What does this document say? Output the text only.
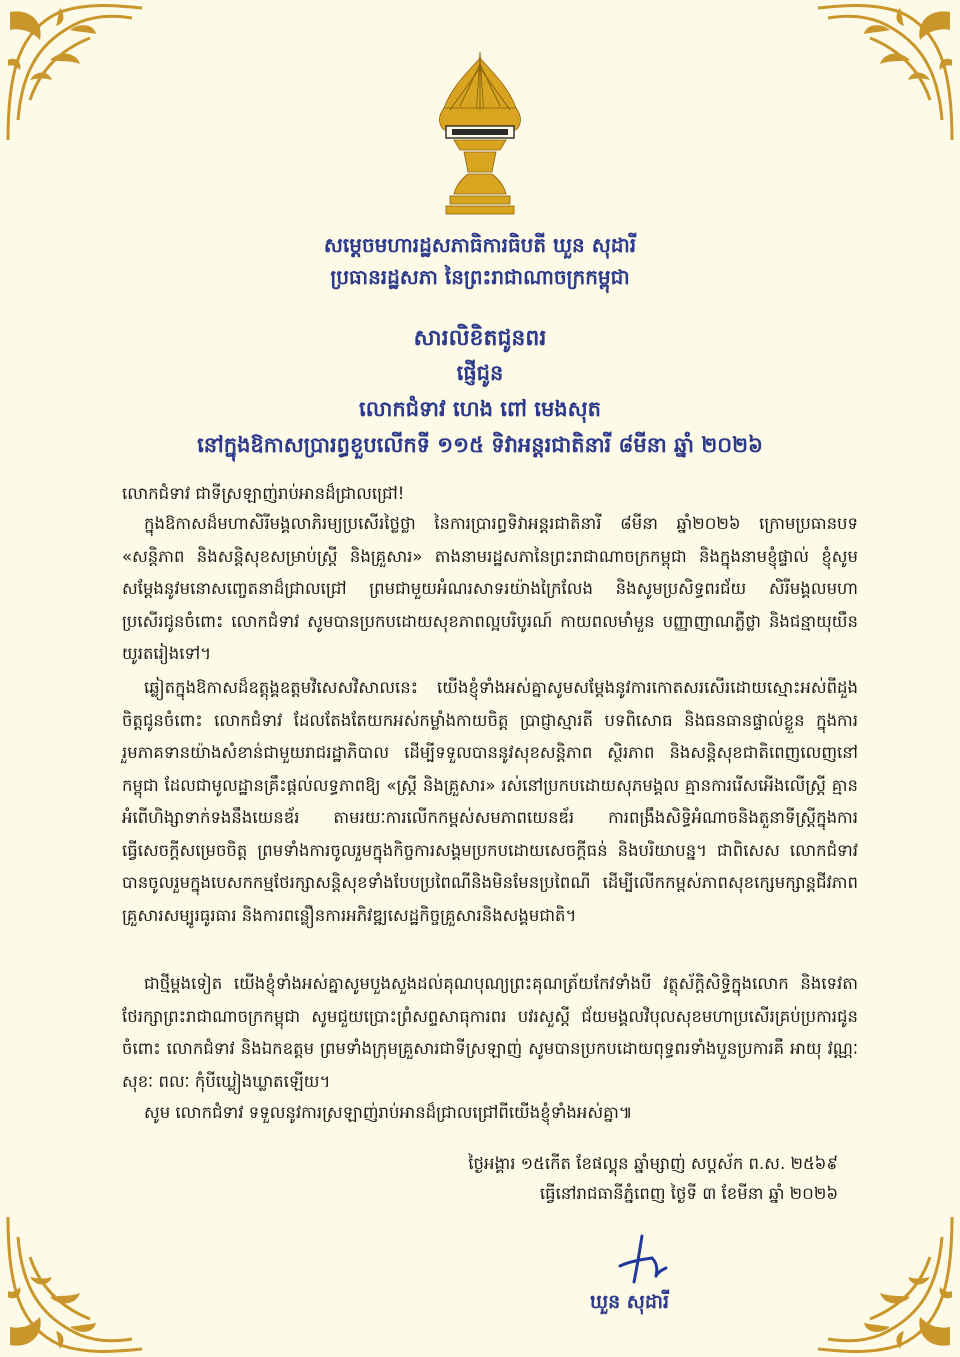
សម្តេចមហារដ្ឋសភាធិការធិបតី ឃួន សុដារី
ប្រធានរដ្ឋសភា នៃព្រះរាជាណាចក្រកម្ពុជា
សារលិខិតជូនពរ
ផ្ញើជូន
លោកជំទាវ ហេង ពៅ មេងសុត
នៅក្នុងឱកាសប្រារព្ធខួបលើកទី ១១៥ ទិវាអន្តរជាតិនារី ៨មីនា ឆ្នាំ ២០២៦
លោកជំទាវ ជាទីស្រឡាញ់រាប់អានដ៏ជ្រាលជ្រៅ!

ក្នុងឱកាសដ៏មហាសិរីមង្គលាភិរម្យប្រសើរថ្លៃថ្លា នៃការប្រារព្ធទិវាអន្តរជាតិនារី ៨មីនា ឆ្នាំ២០២៦ ក្រោមប្រធានបទ «សន្តិភាព និងសន្តិសុខសម្រាប់ស្ត្រី និងគ្រួសារ» តាងនាមរដ្ឋសភានៃព្រះរាជាណាចក្រកម្ពុជា និងក្នុងនាមខ្ញុំផ្ទាល់ ខ្ញុំសូមសម្តែងនូវមនោសញ្ចេតនាដ៏ជ្រាលជ្រៅ ព្រមជាមួយអំណរសាទរយ៉ាងក្រៃលែង និងសូមប្រសិទ្ធពរជ័យ សិរីមង្គលមហាប្រសើរជូនចំពោះ លោកជំទាវ សូមបានប្រកបដោយសុខភាពល្អបរិបូរណ៍ កាយពលមាំមួន បញ្ញាញាណភ្លឺថ្លា និងជន្មាយុយឺនយូរតរៀងទៅ។

ឆ្លៀតក្នុងឱកាសដ៏ឧត្តុង្គឧត្តមវិសេសវិសាលនេះ យើងខ្ញុំទាំងអស់គ្នាសូមសម្តែងនូវការកោតសរសើរដោយស្មោះអស់ពីដួងចិត្តជូនចំពោះ លោកជំទាវ ដែលតែងតែយកអស់កម្លាំងកាយចិត្ត ប្រាជ្ញាស្មារតី បទពិសោធ និងធនធានផ្ទាល់ខ្លួន ក្នុងការរួមភាគទានយ៉ាងសំខាន់ជាមួយរាជរដ្ឋាភិបាល ដើម្បីទទួលបាននូវសុខសន្តិភាព ស្ថិរភាព និងសន្តិសុខជាតិពេញលេញនៅកម្ពុជា ដែលជាមូលដ្ឋានគ្រឹះផ្តល់លទ្ធភាពឱ្យ «ស្ត្រី និងគ្រួសារ» រស់នៅប្រកបដោយសុភមង្គល គ្មានការរើសអើងលើស្ត្រី គ្មានអំពើហិង្សាទាក់ទងនឹងយេនឌ័រ តាមរយៈការលើកកម្ពស់សមភាពយេនឌ័រ ការពង្រឹងសិទ្ធិអំណាចនិងតួនាទីស្ត្រីក្នុងការធ្វើសេចក្តីសម្រេចចិត្ត ព្រមទាំងការចូលរួមក្នុងកិច្ចការសង្គមប្រកបដោយសេចក្តីធន់ និងបរិយាបន្ន។ ជាពិសេស លោកជំទាវ បានចូលរួមក្នុងបេសកកម្មថែរក្សាសន្តិសុខទាំងបែបប្រពៃណីនិងមិនមែនប្រពៃណី ដើម្បីលើកកម្ពស់ភាពសុខក្សេមក្សាន្តជីវភាពគ្រួសារសម្បូរធូរធារ និងការពន្លឿនការអភិវឌ្ឍសេដ្ឋកិច្ចគ្រួសារនិងសង្គមជាតិ។

ជាថ្មីម្តងទៀត យើងខ្ញុំទាំងអស់គ្នាសូមបួងសួងដល់គុណបុណ្យព្រះគុណត្រ័យកែវទាំងបី វត្ថុស័ក្តិសិទ្ធិក្នុងលោក និងទេវតាថែរក្សាព្រះរាជាណាចក្រកម្ពុជា សូមជួយប្រោះព្រំសព្ទសាធុការពរ បវរសួស្តី ជ័យមង្គលវិបុលសុខមហាប្រសើរគ្រប់ប្រការជូនចំពោះ លោកជំទាវ និងឯកឧត្តម ព្រមទាំងក្រុមគ្រួសារជាទីស្រឡាញ់ សូមបានប្រកបដោយពុទ្ធពរទាំងបួនប្រការគឺ អាយុ វណ្ណៈ សុខៈ ពលៈ កុំបីឃ្លៀងឃ្លាតឡើយ។

សូម លោកជំទាវ ទទួលនូវការស្រឡាញ់រាប់អានដ៏ជ្រាលជ្រៅពីយើងខ្ញុំទាំងអស់គ្នា៕

ថ្ងៃអង្គារ ១៥កើត ខែផល្គុន ឆ្នាំម្សាញ់ សប្តស័ក ព.ស. ២៥៦៩
ធ្វើនៅរាជធានីភ្នំពេញ ថ្ងៃទី ៣ ខែមីនា ឆ្នាំ ២០២៦
ឃួន សុដារី
